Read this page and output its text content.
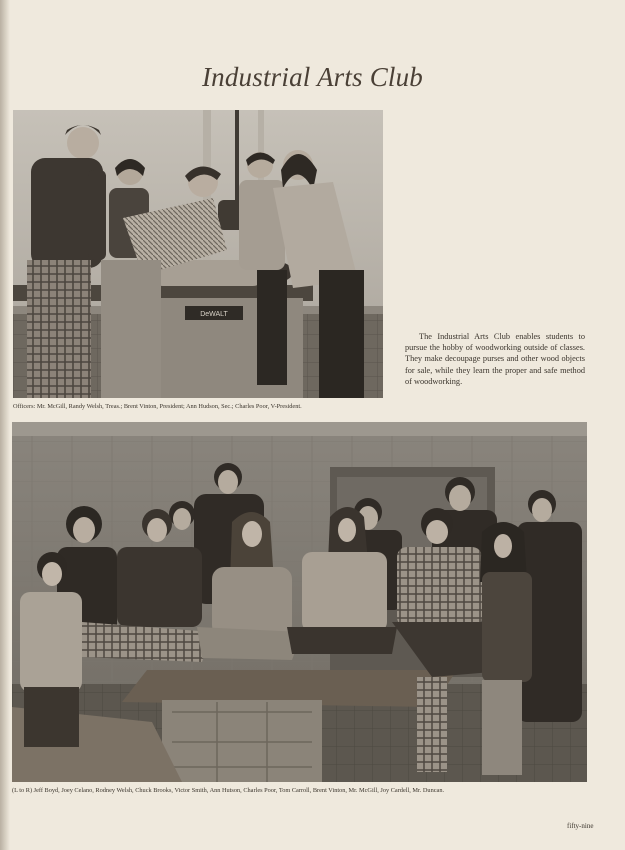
Industrial Arts Club
DeWALT
Officers: Mr. McGill, Randy Welsh, Treas.; Brent Vinton, President; Ann Hudson, Sec.; Charles Poor, V-President.
The Industrial Arts Club enables students to pursue the hobby of woodworking outside of classes. They make decoupage purses and other wood objects for sale, while they learn the proper and safe method of woodworking.
(L to R) Jeff Boyd, Joey Celano, Rodney Welsh, Chuck Brooks, Victor Smith, Ann Hutson, Charles Poor, Tom Carroll, Brent Vinton, Mr. McGill, Joy Cardell, Mr. Duncan.
fifty-nine
